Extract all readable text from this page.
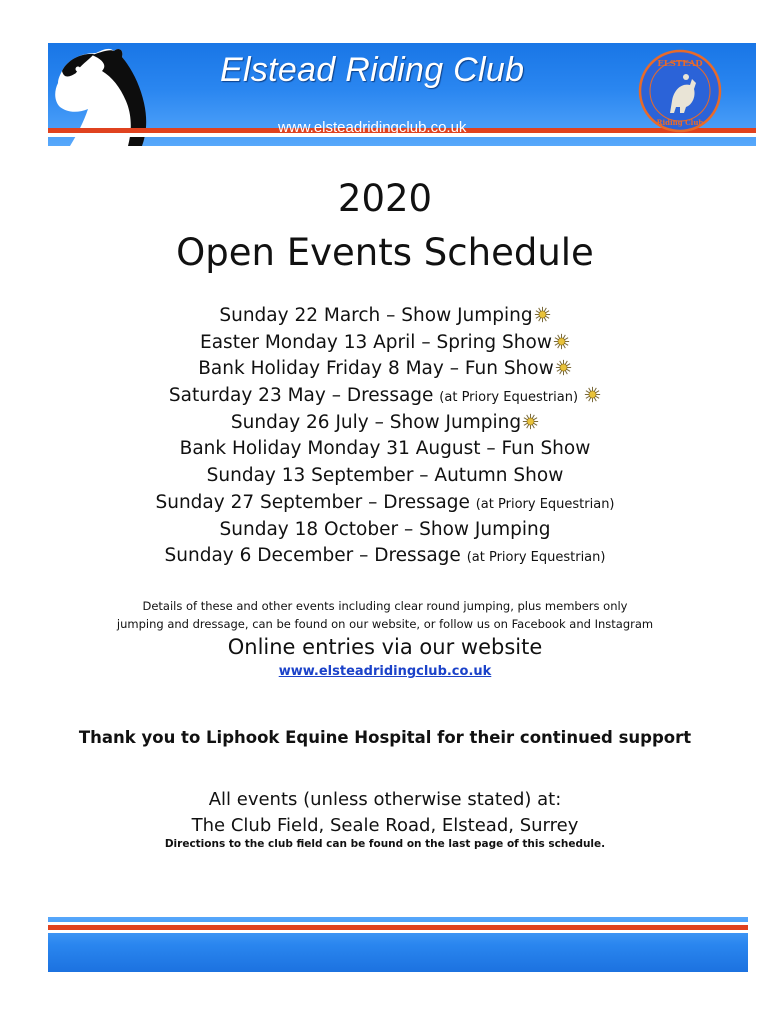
Elstead Riding Club
www.elsteadridingclub.co.uk
ELSTEAD
Riding Club
2020
Open Events Schedule
Sunday 22 March – Show Jumping
Easter Monday 13 April – Spring Show
Bank Holiday Friday 8 May – Fun Show
Saturday 23 May – Dressage (at Priory Equestrian)
Sunday 26 July – Show Jumping
Bank Holiday Monday 31 August – Fun Show
Sunday 13 September – Autumn Show
Sunday 27 September – Dressage (at Priory Equestrian)
Sunday 18 October – Show Jumping
Sunday 6 December – Dressage (at Priory Equestrian)
Details of these and other events including clear round jumping, plus members only
jumping and dressage, can be found on our website, or follow us on Facebook and Instagram
Online entries via our website
www.elsteadridingclub.co.uk
Thank you to Liphook Equine Hospital for their continued support
All events (unless otherwise stated) at:
The Club Field, Seale Road, Elstead, Surrey
Directions to the club field can be found on the last page of this schedule.
